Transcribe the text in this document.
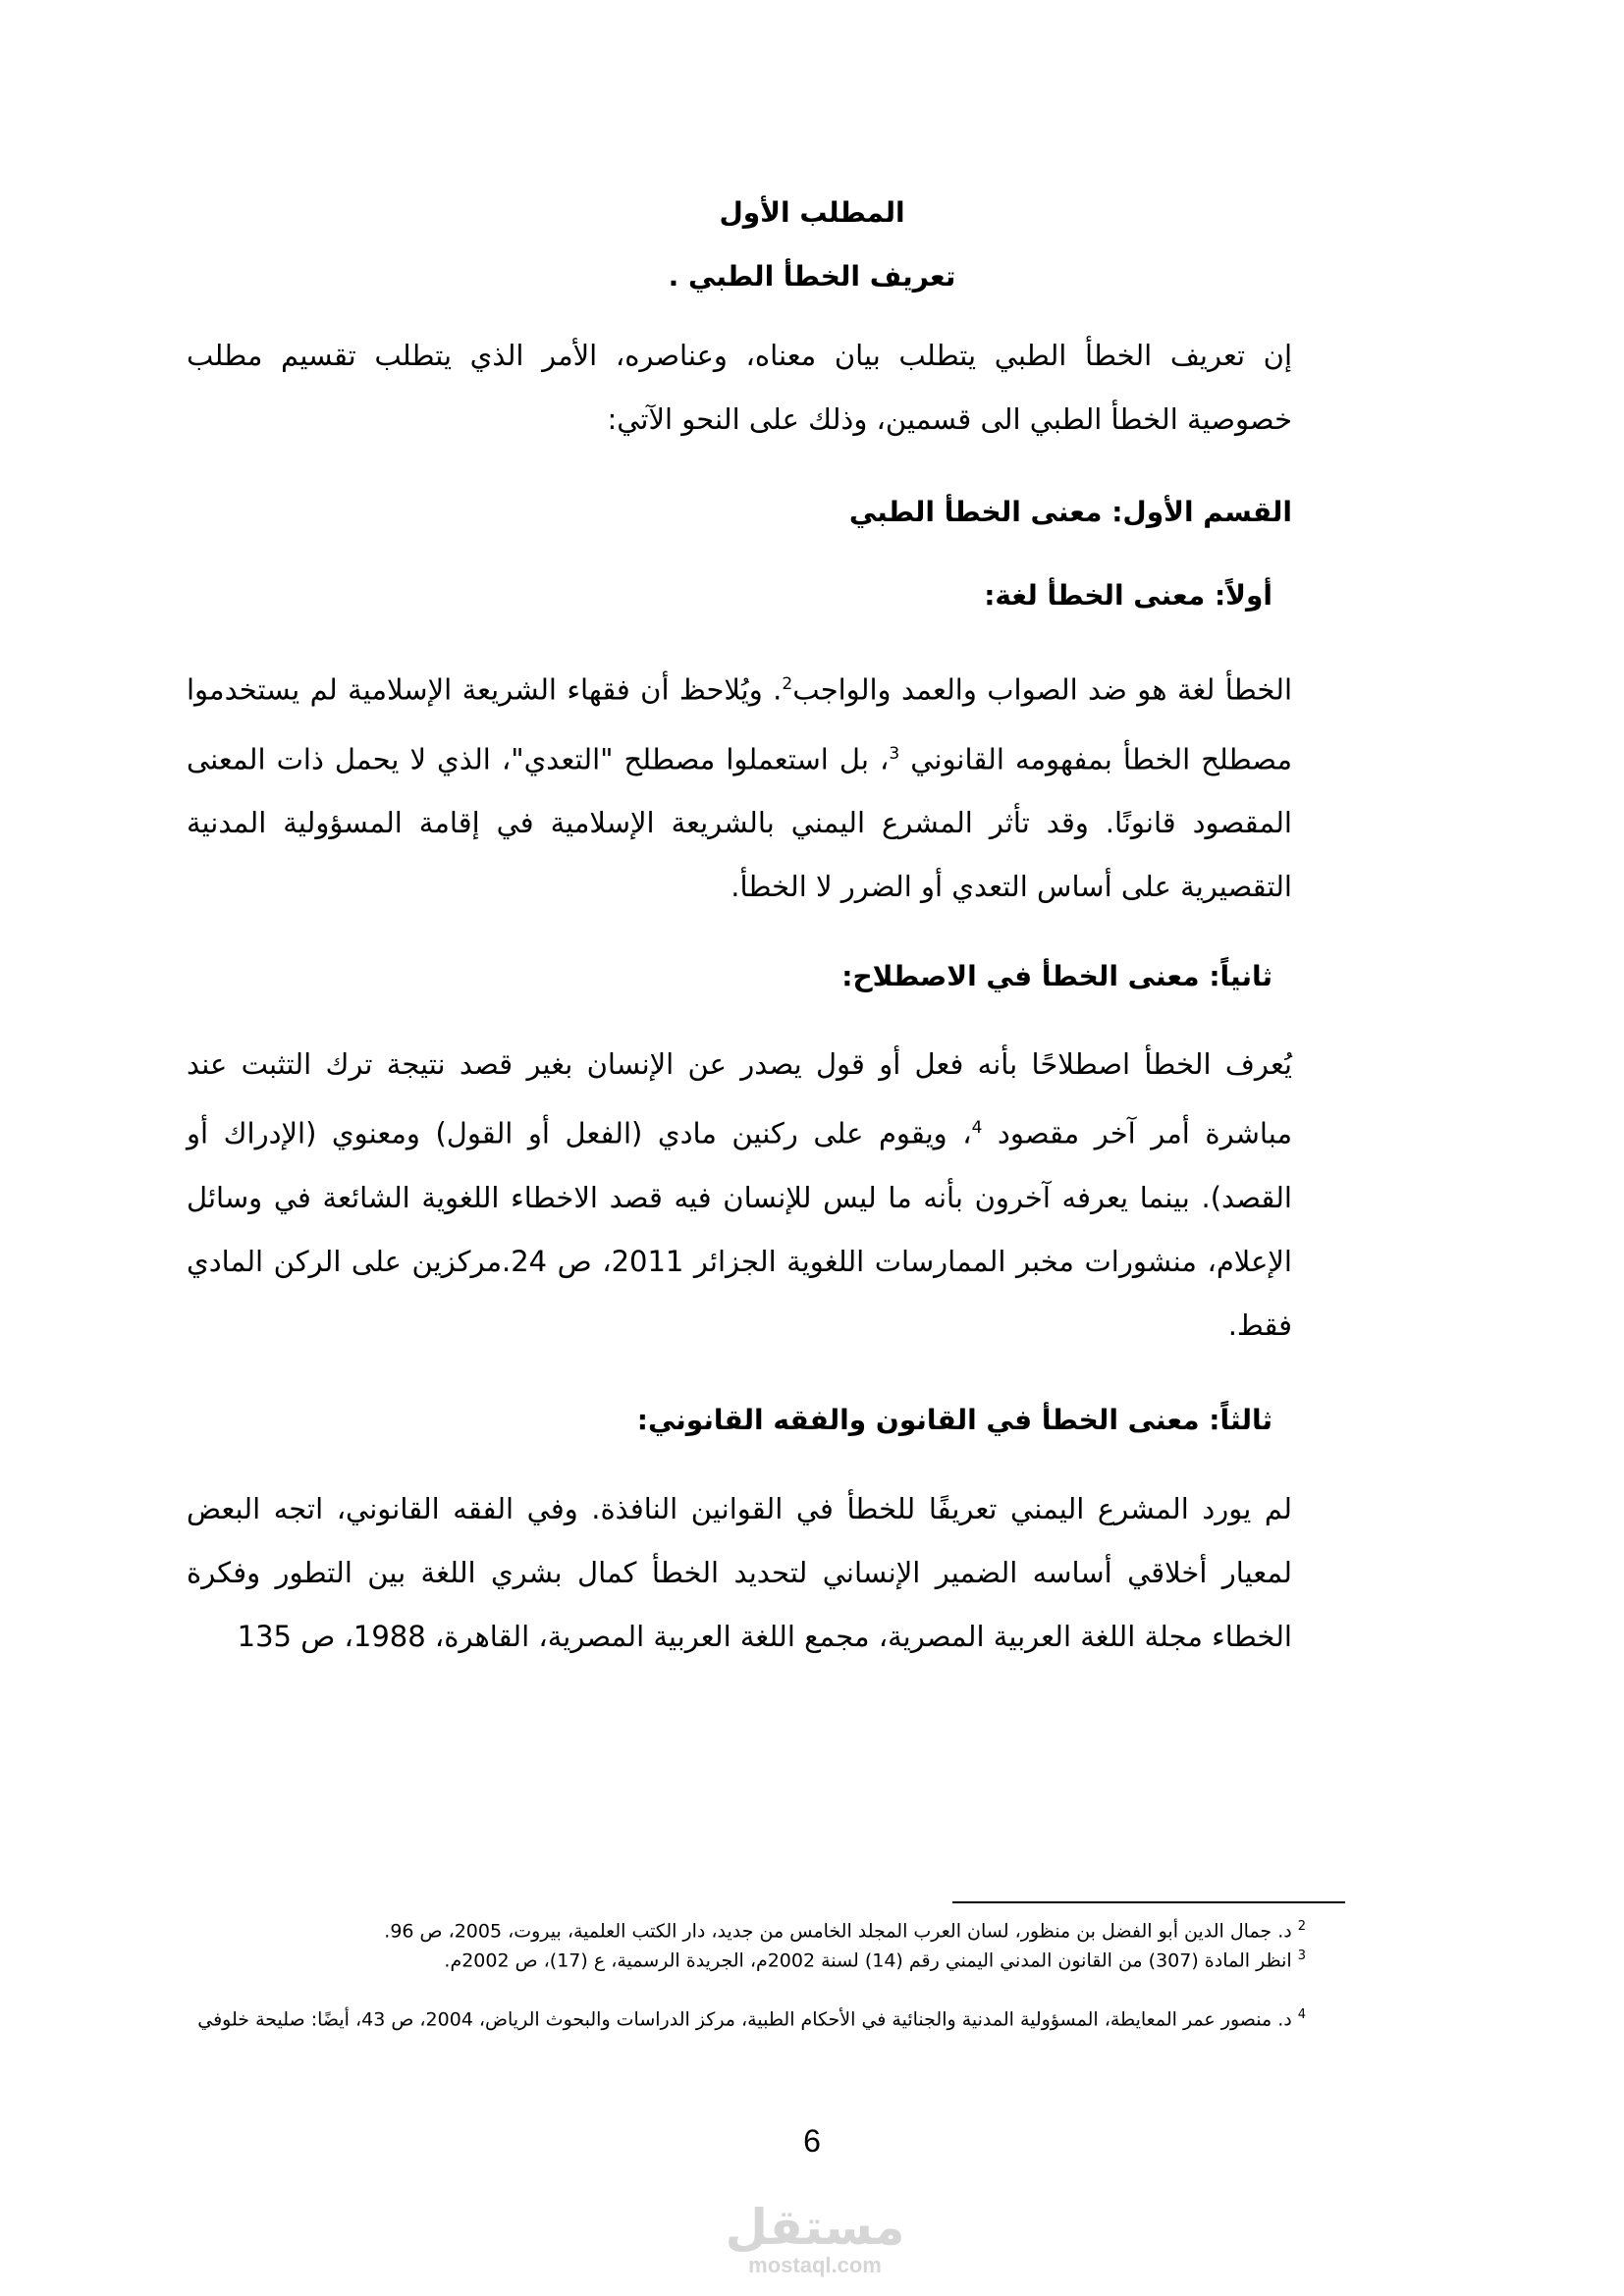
المطلب الأول
تعريف الخطأ الطبي .
إن تعريف الخطأ الطبي يتطلب بيان معناه، وعناصره، الأمر الذي يتطلب تقسيم مطلب خصوصية الخطأ الطبي الى قسمين، وذلك على النحو الآتي:
القسم الأول: معنى الخطأ الطبي
أولاً: معنى الخطأ لغة:
الخطأ لغة هو ضد الصواب والعمد والواجب$^2$. ويُلاحظ أن فقهاء الشريعة الإسلامية لم يستخدموا مصطلح الخطأ بمفهومه القانوني $^3$، بل استعملوا مصطلح "التعدي"، الذي لا يحمل ذات المعنى المقصود قانونًا. وقد تأثر المشرع اليمني بالشريعة الإسلامية في إقامة المسؤولية المدنية التقصيرية على أساس التعدي أو الضرر لا الخطأ.
ثانياً: معنى الخطأ في الاصطلاح:
يُعرف الخطأ اصطلاحًا بأنه فعل أو قول يصدر عن الإنسان بغير قصد نتيجة ترك التثبت عند مباشرة أمر آخر مقصود $^4$، ويقوم على ركنين مادي (الفعل أو القول) ومعنوي (الإدراك أو القصد). بينما يعرفه آخرون بأنه ما ليس للإنسان فيه قصد الاخطاء اللغوية الشائعة في وسائل الإعلام، منشورات مخبر الممارسات اللغوية الجزائر 2011، ص 24.مركزين على الركن المادي فقط.
ثالثاً: معنى الخطأ في القانون والفقه القانوني:
لم يورد المشرع اليمني تعريفًا للخطأ في القوانين النافذة. وفي الفقه القانوني، اتجه البعض لمعيار أخلاقي أساسه الضمير الإنساني لتحديد الخطأ كمال بشري اللغة بين التطور وفكرة الخطاء مجلة اللغة العربية المصرية، مجمع اللغة العربية المصرية، القاهرة، 1988، ص 135
$^2$د. جمال الدين أبو الفضل بن منظور، لسان العرب المجلد الخامس من جديد، دار الكتب العلمية، بيروت، 2005، ص 96.
$^3$انظر المادة (307) من القانون المدني اليمني رقم (14) لسنة 2002م، الجريدة الرسمية، ع (17)، ص 2002م.
$^4$د. منصور عمر المعايطة، المسؤولية المدنية والجنائية في الأحكام الطبية، مركز الدراسات والبحوث الرياض، 2004، ص 43، أيضًا: صليحة خلوفي
6
مستقل
mostaql.com
